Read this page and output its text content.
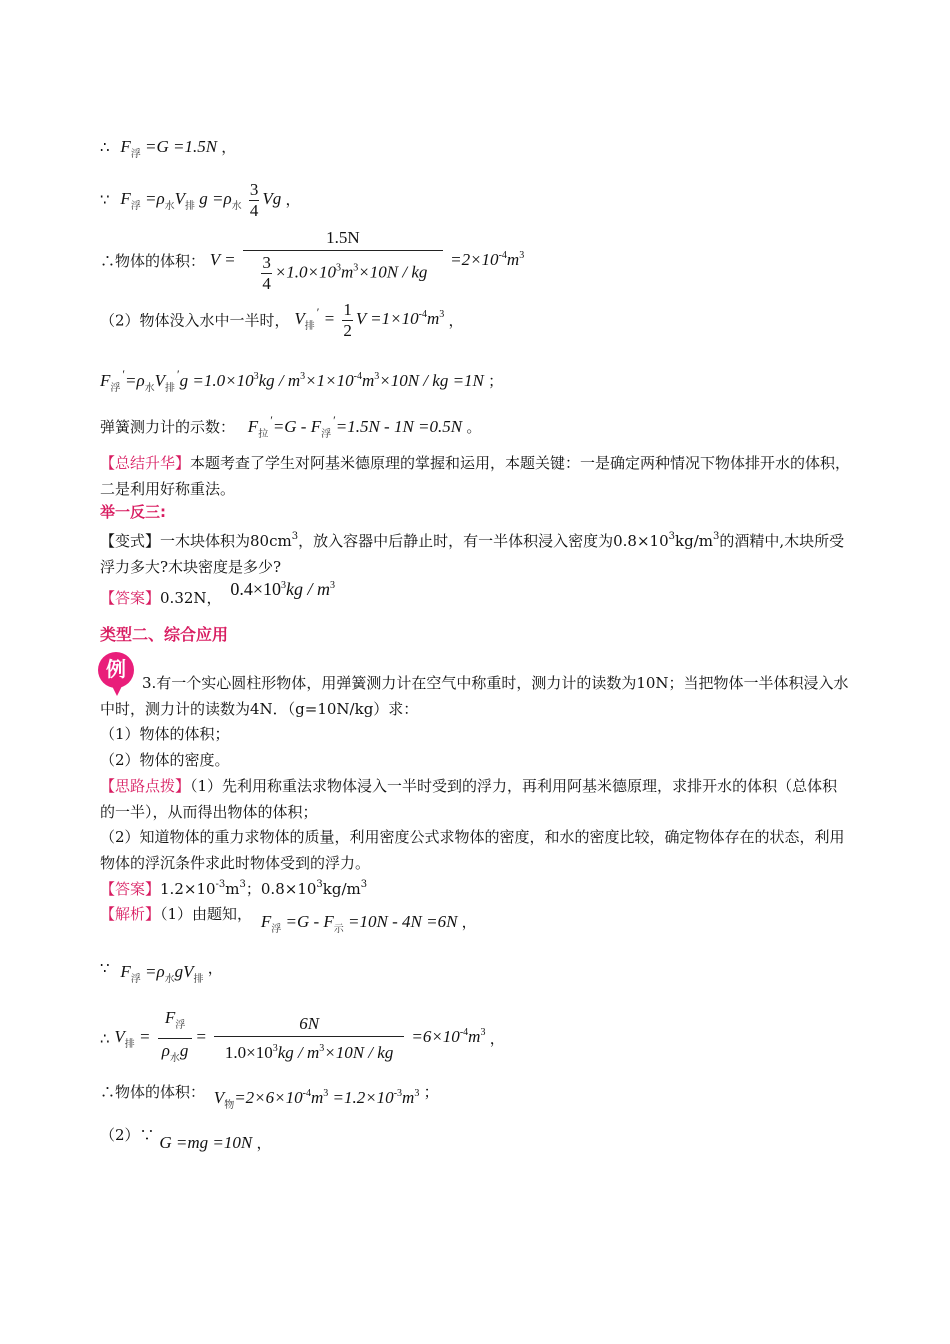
∴ $F_浮 =G =1.5N$ ，
∵ $F_浮 =\rho_水V_排$ $g =\rho_水 \frac{3}{4}$ Vg ，
∴物体的体积： $V = \frac{1.5N}{\frac{3}{4} \times 1.0\times 10^3m^3\times 10N / kg} =2\times 10^{-4}m^3$
（2）物体没入水中一半时， $V_排' = \frac{1}{2}$ $V =1\times 10^{-4}m^3$ ，
$F_浮'=\rho_水V_排'g =1.0\times 10^3kg / m^3\times 1\times 10^{-4}m^3\times 10N$ / kg =1N ；
弹簧测力计的示数： $F_拉'=G - F_浮'=1.5N - 1N =0.5N$ 。
【总结升华】本题考查了学生对阿基米德原理的掌握和运用，本题关键：一是确定两种情况下物体排开水的体积，二是利用好称重法。
举一反三:
【变式】一木块体积为$80cm^3$，放入容器中后静止时，有一半体积浸入密度为$0.8\times 10^3kg/m^3$的酒精中,木块所受浮力多大?木块密度是多少?
【答案】0.32N， $0.4\times 10^3kg / m^3$
类型二、综合应用
例
3.有一个实心圆柱形物体，用弹簧测力计在空气中称重时，测力计的读数为10N；当把物体一半体积浸入水中时，测力计的读数为4N．（g=10N/kg）求：
（1）物体的体积；
（2）物体的密度。
【思路点拨】（1）先利用称重法求物体浸入一半时受到的浮力，再利用阿基米德原理，求排开水的体积（总体积的一半），从而得出物体的体积；
（2）知道物体的重力求物体的质量，利用密度公式求物体的密度，和水的密度比较，确定物体存在的状态，利用物体的浮沉条件求此时物体受到的浮力。
【答案】$1.2\times 10^{-3}m^3$；$0.8\times 10^3kg/m^3$
【解析】（1）由题知， $F_浮 =G - F_示 =10N - 4N =6N$ ，
∵ $F_浮 =\rho_水gV_排$ ，
∴ $V_排 = \frac{F_浮}{\rho_水g} = \frac{6N}{1.0\times 10^3kg / m^3\times 10N / kg} =6\times 10^{-4}m^3$ ，
∴物体的体积： $V_物=2\times 6\times 10^{-4}m^3 =1.2\times 10^{-3}m^3$ ；
（2）∵ G =mg =10N ，
